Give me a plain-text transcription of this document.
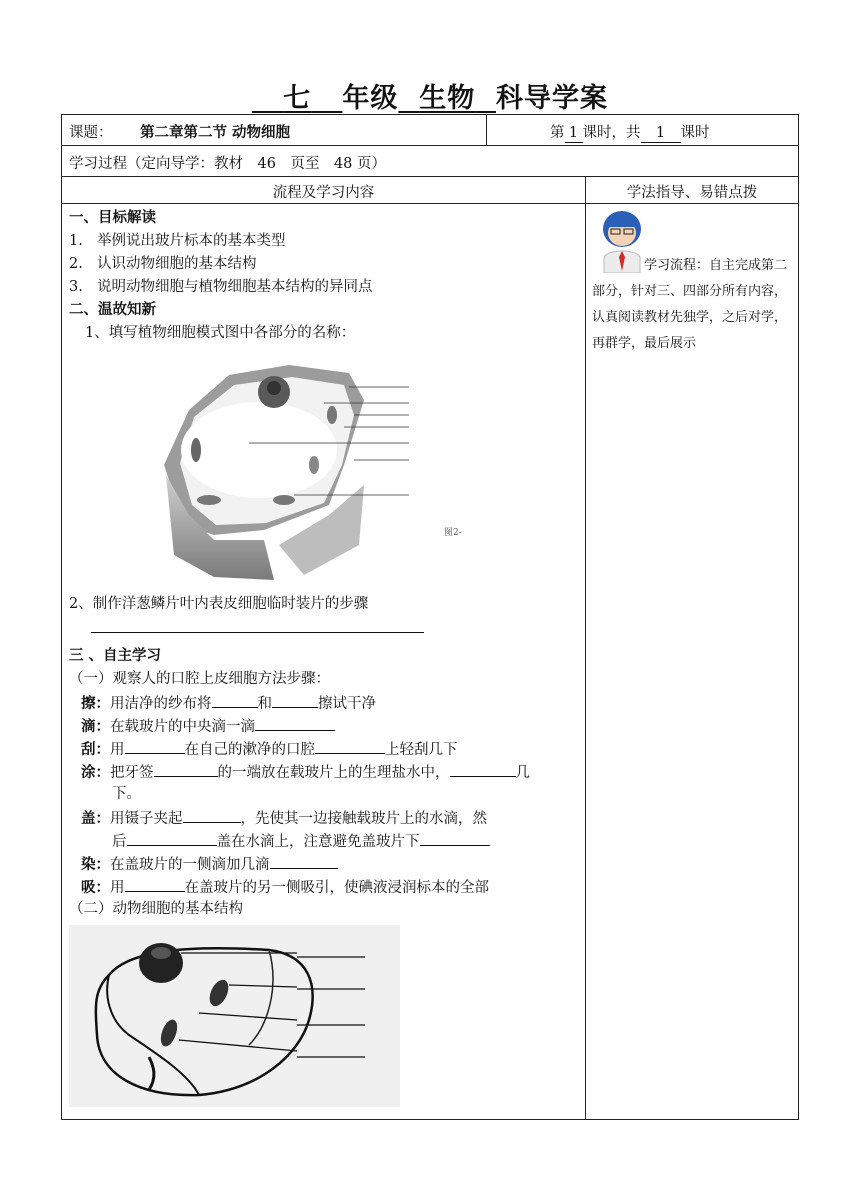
七 年级 生物 科导学案
课题： 第二章第二节 动物细胞	第 1 课时，共 1 课时
学习过程（定向导学：教材　46　页至　48 页）
流程及学习内容	学法指导、易错点拨
一、目标解读
1. 举例说出玻片标本的基本类型
2. 认识动物细胞的基本结构
3. 说明动物细胞与植物细胞基本结构的异同点
二、温故知新
1、填写植物细胞模式图中各部分的名称：
图2-
2、制作洋葱鳞片叶内表皮细胞临时装片的步骤
三 、自主学习
（一）观察人的口腔上皮细胞方法步骤：
擦：用洁净的纱布将	和	擦试干净
滴：在载玻片的中央滴一滴
刮：用	在自己的漱净的口腔	上轻刮几下
涂：把牙签	的一端放在载玻片上的生理盐水中，	几
下。
盖：用镊子夹起	，先使其一边接触载玻片上的水滴，然
后	盖在水滴上，注意避免盖玻片下
染：在盖玻片的一侧滴加几滴
吸：用	在盖玻片的另一侧吸引，使碘液浸润标本的全部
（二）动物细胞的基本结构
学习流程：自主完成第二部分，针对三、四部分所有内容，认真阅读教材先独学，之后对学，再群学，最后展示
